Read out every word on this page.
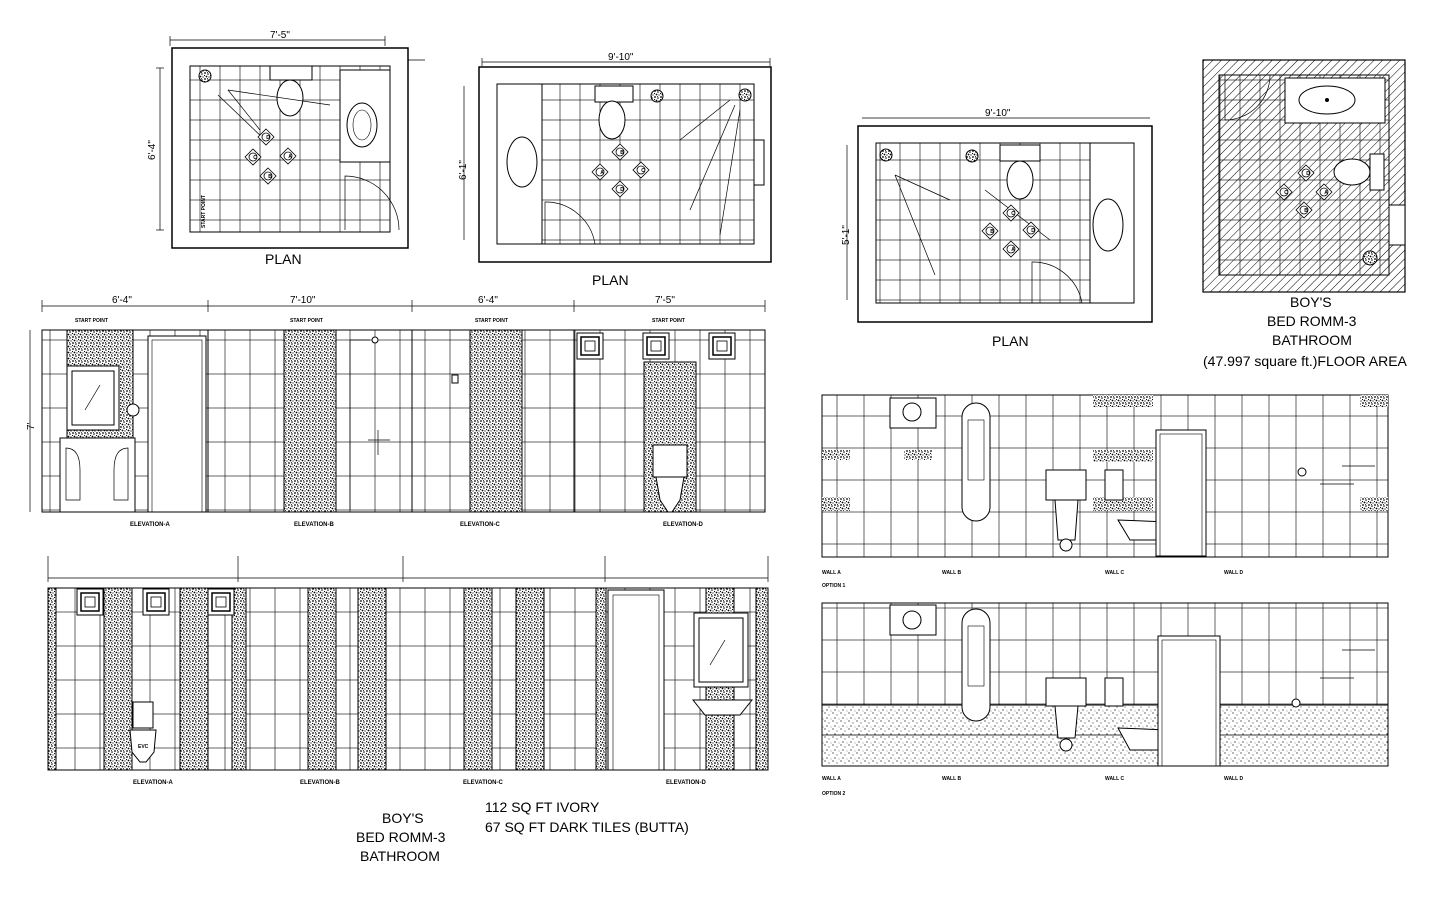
7'-5"
6'-4"
D
A
C
B
START POINT
PLAN
9'-10"
6'-1"
B
C
A
D
PLAN
9'-10"
5'-1"
C
D
B
A
PLAN
D
A
C
B
BOY'S
BED ROMM-3
BATHROOM
(47.997 square ft.)FLOOR AREA
6'-4"	7'-10"	6'-4"	7'-5"
7'
START POINT	START POINT	START POINT	START POINT
ELEVATION-A	ELEVATION-B	ELEVATION-C	ELEVATION-D
EVC
ELEVATION-A	ELEVATION-B	ELEVATION-C	ELEVATION-D
BOY'S
BED ROMM-3
BATHROOM
112 SQ FT IVORY
67 SQ FT DARK TILES (BUTTA)
WALL A	WALL B	WALL C	WALL D
OPTION 1
WALL A	WALL B	WALL C	WALL D
OPTION 2
